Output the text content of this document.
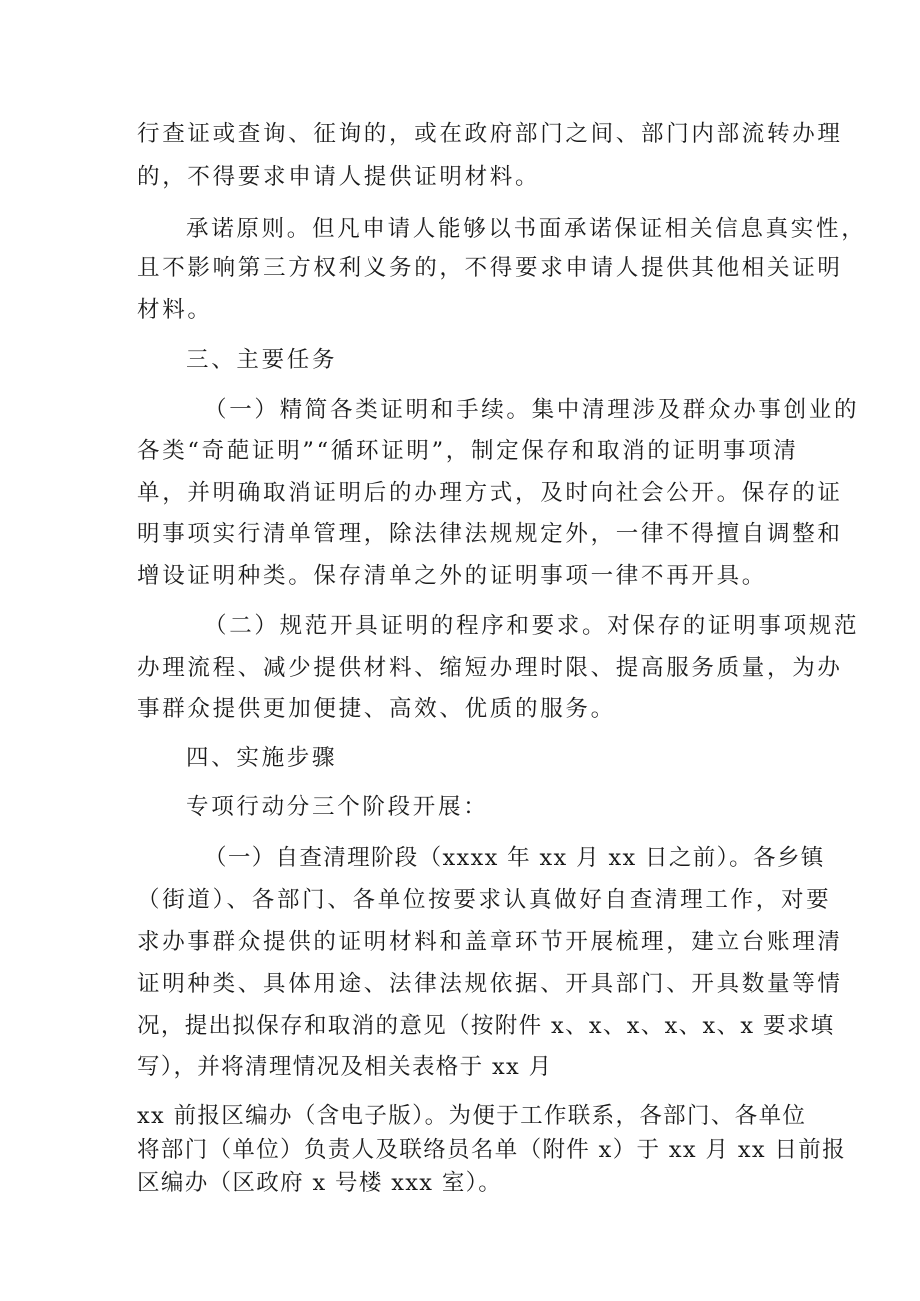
行查证或查询、征询的，或在政府部门之间、部门内部流转办理
的，不得要求申请人提供证明材料。
承诺原则。但凡申请人能够以书面承诺保证相关信息真实性，
且不影响第三方权利义务的，不得要求申请人提供其他相关证明
材料。
三、主要任务
（一）精简各类证明和手续。集中清理涉及群众办事创业的
各类“奇葩证明”“循环证明”，制定保存和取消的证明事项清
单，并明确取消证明后的办理方式，及时向社会公开。保存的证
明事项实行清单管理，除法律法规规定外，一律不得擅自调整和
增设证明种类。保存清单之外的证明事项一律不再开具。
（二）规范开具证明的程序和要求。对保存的证明事项规范
办理流程、减少提供材料、缩短办理时限、提高服务质量，为办
事群众提供更加便捷、高效、优质的服务。
四、实施步骤
专项行动分三个阶段开展：
（一）自查清理阶段（xxxx 年 xx 月 xx 日之前）。各乡镇
（街道）、各部门、各单位按要求认真做好自查清理工作，对要
求办事群众提供的证明材料和盖章环节开展梳理，建立台账理清
证明种类、具体用途、法律法规依据、开具部门、开具数量等情
况，提出拟保存和取消的意见（按附件 x、x、x、x、x、x 要求填
写），并将清理情况及相关表格于 xx 月
xx 前报区编办（含电子版）。为便于工作联系，各部门、各单位
将部门（单位）负责人及联络员名单（附件 x）于 xx 月 xx 日前报
区编办（区政府 x 号楼 xxx 室）。
